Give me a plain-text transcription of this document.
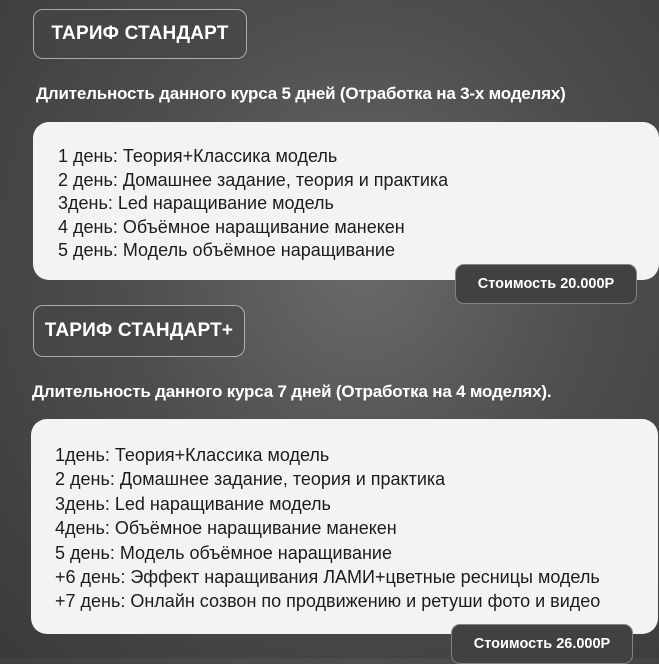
ТАРИФ СТАНДАРТ
Длительность данного курса 5 дней (Отработка на 3-х моделях)
1 день: Теория+Классика модель
2 день: Домашнее задание, теория и практика
3день: Led наращивание модель
4 день: Объёмное наращивание манекен
5 день: Модель объёмное наращивание
Стоимость 20.000Р
ТАРИФ СТАНДАРТ+
Длительность данного курса 7 дней (Отработка на 4 моделях).
1день: Теория+Классика модель
2 день: Домашнее задание, теория и практика
3день: Led наращивание модель
4день: Объёмное наращивание манекен
5 день: Модель объёмное наращивание
+6 день: Эффект наращивания ЛАМИ+цветные ресницы модель
+7 день: Онлайн созвон по продвижению и ретуши фото и видео
Стоимость 26.000Р
